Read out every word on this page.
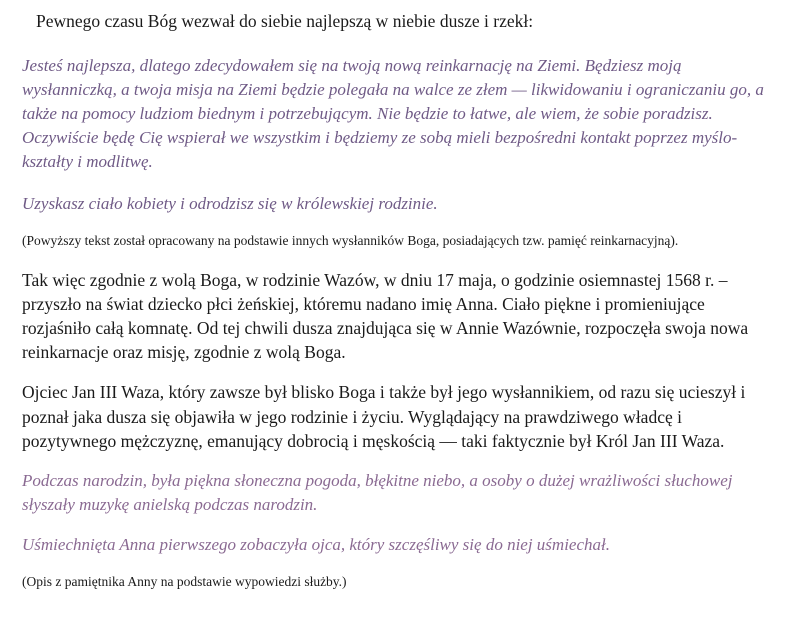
Pewnego czasu Bóg wezwał do siebie najlepszą w niebie dusze i rzekł:

Jesteś najlepsza, dlatego zdecydowałem się na twoją nową reinkarnację na Ziemi. Będziesz moją wysłanniczką, a twoja misja na Ziemi będzie polegała na walce ze złem — likwidowaniu i ograniczaniu go, a także na pomocy ludziom biednym i potrzebującym. Nie będzie to łatwe, ale wiem, że sobie poradzisz. Oczywiście będę Cię wspierał we wszystkim i będziemy ze sobą mieli bezpośredni kontakt poprzez myślo-kształty i modlitwę.

Uzyskasz ciało kobiety i odrodzisz się w królewskiej rodzinie.

(Powyższy tekst został opracowany na podstawie innych wysłanników Boga, posiadających tzw. pamięć reinkarnacyjną).

Tak więc zgodnie z wolą Boga, w rodzinie Wazów, w dniu 17 maja, o godzinie osiemnastej 1568 r. – przyszło na świat dziecko płci żeńskiej, któremu nadano imię Anna. Ciało piękne i promieniujące rozjaśniło całą komnatę. Od tej chwili dusza znajdująca się w Annie Wazównie, rozpoczęła swoja nowa reinkarnacje oraz misję, zgodnie z wolą Boga.

Ojciec Jan III Waza, który zawsze był blisko Boga i także był jego wysłannikiem, od razu się ucieszył i poznał jaka dusza się objawiła w jego rodzinie i życiu. Wyglądający na prawdziwego władcę i pozytywnego mężczyznę, emanujący dobrocią i męskością — taki faktycznie był Król Jan III Waza.

Podczas narodzin, była piękna słoneczna pogoda, błękitne niebo, a osoby o dużej wrażliwości słuchowej słyszały muzykę anielską podczas narodzin.

Uśmiechnięta Anna pierwszego zobaczyła ojca, który szczęśliwy się do niej uśmiechał.

(Opis z pamiętnika Anny na podstawie wypowiedzi służby.)
